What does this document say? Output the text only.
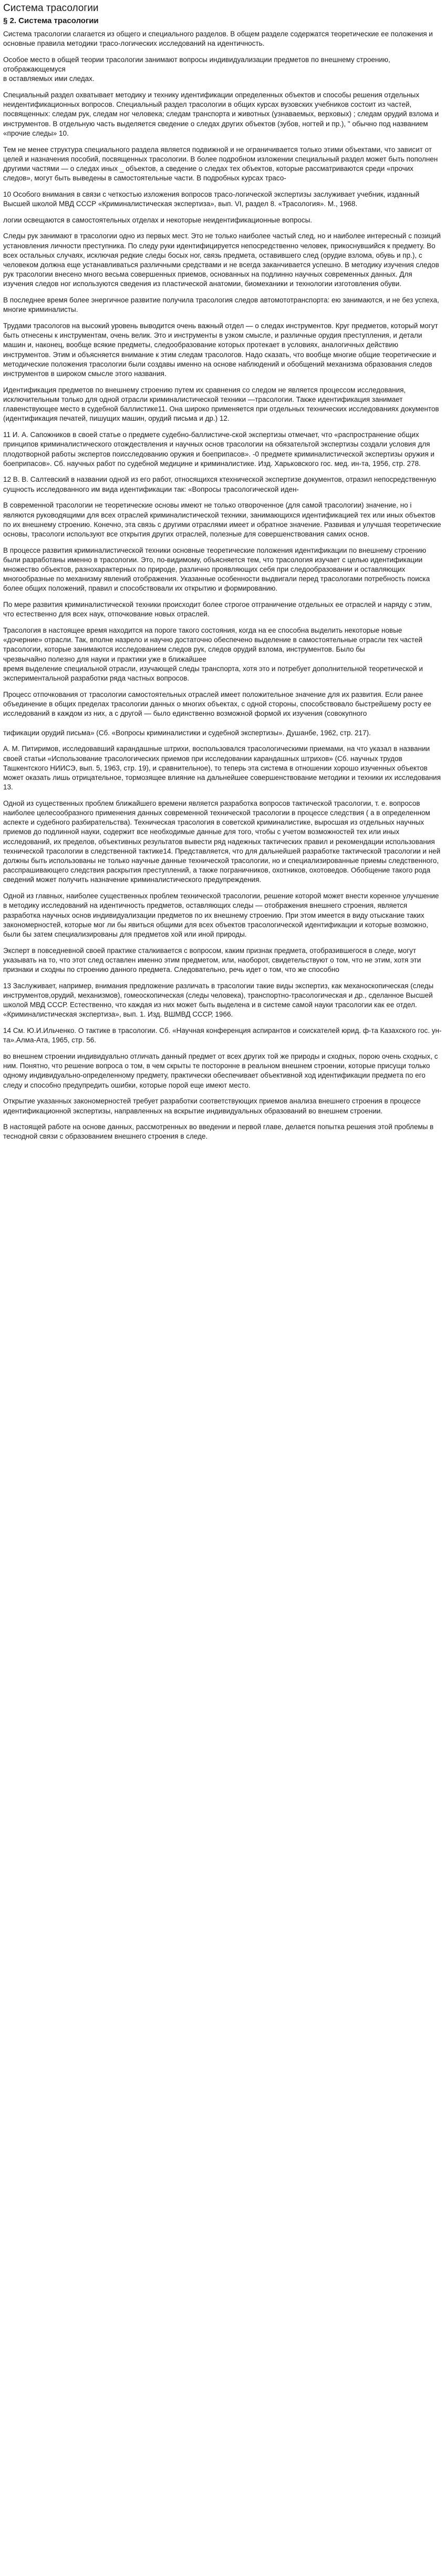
Система трасологии
§ 2. Система трасологии

Система трасологии слагается из общего и специального разделов. В общем разделе содержатся теоретические ее положения и основные правила методики трасо-логических исследований на идентичность.

Особое место в общей теории трасологии занимают вопросы индивидуализации предметов по внешнему строению, отображающемуся
в оставляемых ими следах.

Специальный раздел охватывает методику и технику идентификации определенных объектов и способы решения отдельных неидентификационных вопросов. Специальный раздел трасологии в общих курсах вузовских учебников состоит из частей, посвященных: следам рук, следам ног человека; следам транспорта и животных (узнаваемых, верховых) ; следам орудий взлома и инструментов. В отдельную часть выделяется сведение о следах других объектов (зубов, ногтей и пр.), " обычно под названием «прочие следы» 10.

Тем не менее структура специального раздела является подвижной и не ограничивается только этими объектами, что зависит от целей и назначения пособий, посвященных трасологии. В более подробном изложении специальный раздел может быть пополнен другими частями — о следах иных _ объектов, а сведение о следах тех объектов, которые рассматриваются среди «прочих следов», могут быть выведены в самостоятельные части. В подробных курсах трасо-

10 Особого внимания в связи с четкостью изложения вопросов трасо-логической экспертизы заслуживает учебник, изданный Высшей школой МВД СССР «Криминалистическая экспертиза», вып. VI, раздел 8. «Трасология». М., 1968.

логии освещаются в самостоятельных отделах и некоторые неидентификационные вопросы.

Следы рук занимают в трасологии одно из первых мест. Это не только наиболее частый след, но и наиболее интересный с позиций установления личности преступника. По следу руки идентифицируется непосредственно человек, прикоснувшийся к предмету. Во всех остальных случаях, исключая редкие следы босых ног, связь предмета, оставившего след (орудие взлома, обувь и пр.), с человеком должна еще устанавливаться различными средствами и не всегда заканчивается успешно. В методику изучения следов рук трасологии внесено много весьма совершенных приемов, основанных на подлинно научных современных данных. Для изучения следов ног используются сведения из пластической анатомии, биомеханики и технологии изготовления обуви.

В последнее время более энергичное развитие получила трасология следов автомототранспорта: ею занимаются, и не без успеха, многие криминалисты.

Трудами трасологов на высокий уровень выводится очень важный отдел — о следах инструментов. Круг предметов, который могут быть отнесены к инструментам, очень велик. Это и инструменты в узком смысле, и различные орудия преступления, и детали машин и, наконец, вообще всякие предметы, следообразование которых протекает в условиях, аналогичных действию инструментов. Этим и объясняется внимание к этим следам трасологов. Надо сказать, что вообще многие общие теоретические и методические положения трасологии были создавы именно на основе наблюдений и обобщений механизма образования следов инструментов в широком смысле этого названия.

Идентификация предметов по внешнему строению путем их сравнения со следом не является процессом исследования, исключительным только для одной отрасли криминалистической техники —трасологии. Также идентификация занимает главенствующее место в судебной баллистике11. Она широко применяется при отдельных технических исследованиях документов (идентификация печатей, пишущих машин, орудий письма и др.) 12.

11 И. А. Сапожников в своей статье о предмете судебно-баллистиче-ской экспертизы отмечает, что «распространение общих принципов криминалистического отождествления и научных основ трасологии на обязательтой экспертизы создали условия для плодотворной работы экспертов поисследованию оружия и боеприпасов». -0 предмете криминалистической экспертизы оружия и боеприпасов». Сб. научных работ по судебной медицине и криминалистике. Изд. Харьковского гос. мед. ин-та, 1956, стр. 278.

12 В. В. Салтевский в названии одной из его работ, относящихся ктехнической экспертизе документов, отразил непосредственную сущность исследованного им вида идентификации так: «Вопросы трасологической иден-

В современной трасологии не теоретические основы имеют не только отвороченное (для самой трасологии) значение, но i являются руководящими для всех отраслей криминалистической техники, занимающихся идентификацией тех или иных объектов по их внешнему строению. Конечно, эта связь с другими отраслями имеет и обратное значение. Развивая и улучшая теоретические основы, трасологи используют все открытия других отраслей, полезные для совершенствования самих основ.

В процессе развития криминалистической техники основные теоретические положения идентификации по внешнему строению были разработаны именно в трасологии. Это, по-видимому, объясняется тем, что трасология изучает с целью идентификации множество объектов, разнохарактерных по природе, различно проявляющих себя при следообразовании и оставляющих многообразные по механизму явлений отображения. Указанные особенности выдвигали перед трасологами потребность поиска более общих положений, правил и способствовали их открытию и формированию.

По мере развития криминалистической техники происходит более строгое отграничение отдельных ее отраслей и наряду с этим, что естественно для всех наук, отпочкование новых отраслей.

Трасология в настоящее время находится на пороге такого состояния, когда на ее способна выделить некоторые новые «дочерние» отрасли. Так, вполне назрело и научно достаточно обеспечено выделение в самостоятельные отрасли тех частей трасологии, которые занимаются исследованием следов рук, следов орудий взлома, инструментов. Было бы
чрезвычайно полезно для науки и практики уже в ближайшее
время выделение специальной отрасли, изучающей следы транспорта, хотя это и потребует дополнительной теоретической и экспериментальной разработки ряда частных вопросов.

Процесс отпочкования от трасологии самостоятельных отраслей имеет положительное значение для их развития. Если ранее объединение в общих пределах трасологии данных о многих объектах, с одной стороны, способствовало быстрейшему росту ее исследований в каждом из них, а с другой — было единственно возможной формой их изучения (совокупного

тификации орудий письма» (Сб. «Вопросы криминалистики и судебной экспертизы». Душанбе, 1962, стр. 217).

А. М. Питиримов, исследовавший карандашные штрихи, воспользовался трасологическими приемами, на что указал в названии своей статьи «Использование трасологических приемов при исследовании карандашных штрихов» (Сб. научных трудов Ташкентского НИИСЭ, вып. 5, 1963, стр. 19), и сравнительное), то теперь эта система в отношении хорошо изученных объектов может оказать лишь отрицательное, тормозящее влияние на дальнейшее совершенствование методики и техники их исследования 13.

Одной из существенных проблем ближайшего времени является разработка вопросов тактической трасологии, т. е. вопросов наиболее целесообразного применения данных современной технической трасологии в процессе следствия ( а в определенном аспекте и судебного разбирательства). Техническая трасология в советской криминалистике, выросшая из отдельных научных приемов до подлинной науки, содержит все необходимые данные для того, чтобы с учетом возможностей тех или иных исследований, их пределов, объективных результатов вывести ряд надежных тактических правил и рекомендации использования технической трасологии в следственной тактике14. Представляется, что для дальнейшей разработке тактической трасологии и ней должны быть использованы не только научные данные технической трасологии, но и специализированные приемы следственного, расспрашивающего следствия раскрытия преступлений, а также пограничников, охотников, охотоведов. Обобщение такого рода сведений может получить назначение криминалистического предупреждения.

Одной из главных, наиболее существенных проблем технической трасологии, решение которой может внести коренное улучшение в методику исследований на идентичность предметов, оставляющих следы — отображения внешнего строения, является разработка научных основ индивидуализации предметов по их внешнему строению. При этом имеется в виду отыскание таких закономерностей, которые мог ли бы явиться общими для всех объектов трасологической идентификации и которые возможно, были бы затем специализированы для предметов хой или иной природы.

Эксперт в повседневной своей практике сталкивается с вопросом, каким признак предмета, отобразившегося в следе, могут указывать на то, что этот след оставлен именно этим предметом, или, наоборот, свидетельствуют о том, что не этим, хотя эти признаки и сходны по строению данного предмета. Следовательно, речь идет о том, что же способно

13 Заслуживает, например, внимания предложение различать в трасологии такие виды экспертиз, как механоскопическая (следы инструментов,орудий, механизмов), гомеоскопическая (следы человека), транспортно-трасологическая и др., сделанное Высшей школой МВД СССР. Естественно, что каждая из них может быть выделена и в системе самой науки трасологии как ее отдел. «Криминалистическая экспертиза», вып. 1. Изд. ВШМВД СССР, 1966.

14 См. Ю.И.Ильченко. О тактике в трасологии. Сб. «Научная конференция аспирантов и соискателей юрид. ф-та Казахского гос. ун-та».Алма-Ата, 1965, стр. 56.

во внешнем строении индивидуально отличать данный предмет от всех других той же природы и сходных, порою очень сходных, с ним. Понятно, что решение вопроса о том, в чем скрыты те посторонне в реальном внешнем строении, которые присущи только одному индивидуально-определенному предмету, практически обеспечивает объективной ход идентификации предмета по его следу и способно предупредить ошибки, которые порой еще имеют место.

Открытие указанных закономерностей требует разработки соответствующих приемов анализа внешнего строения в процессе идентификационной экспертизы, направленных на вскрытие индивидуальных образований во внешнем строении.

В настоящей работе на основе данных, рассмотренных во введении и первой главе, делается попытка решения этой проблемы в теснодной связи с образованием внешнего строения в следе.
